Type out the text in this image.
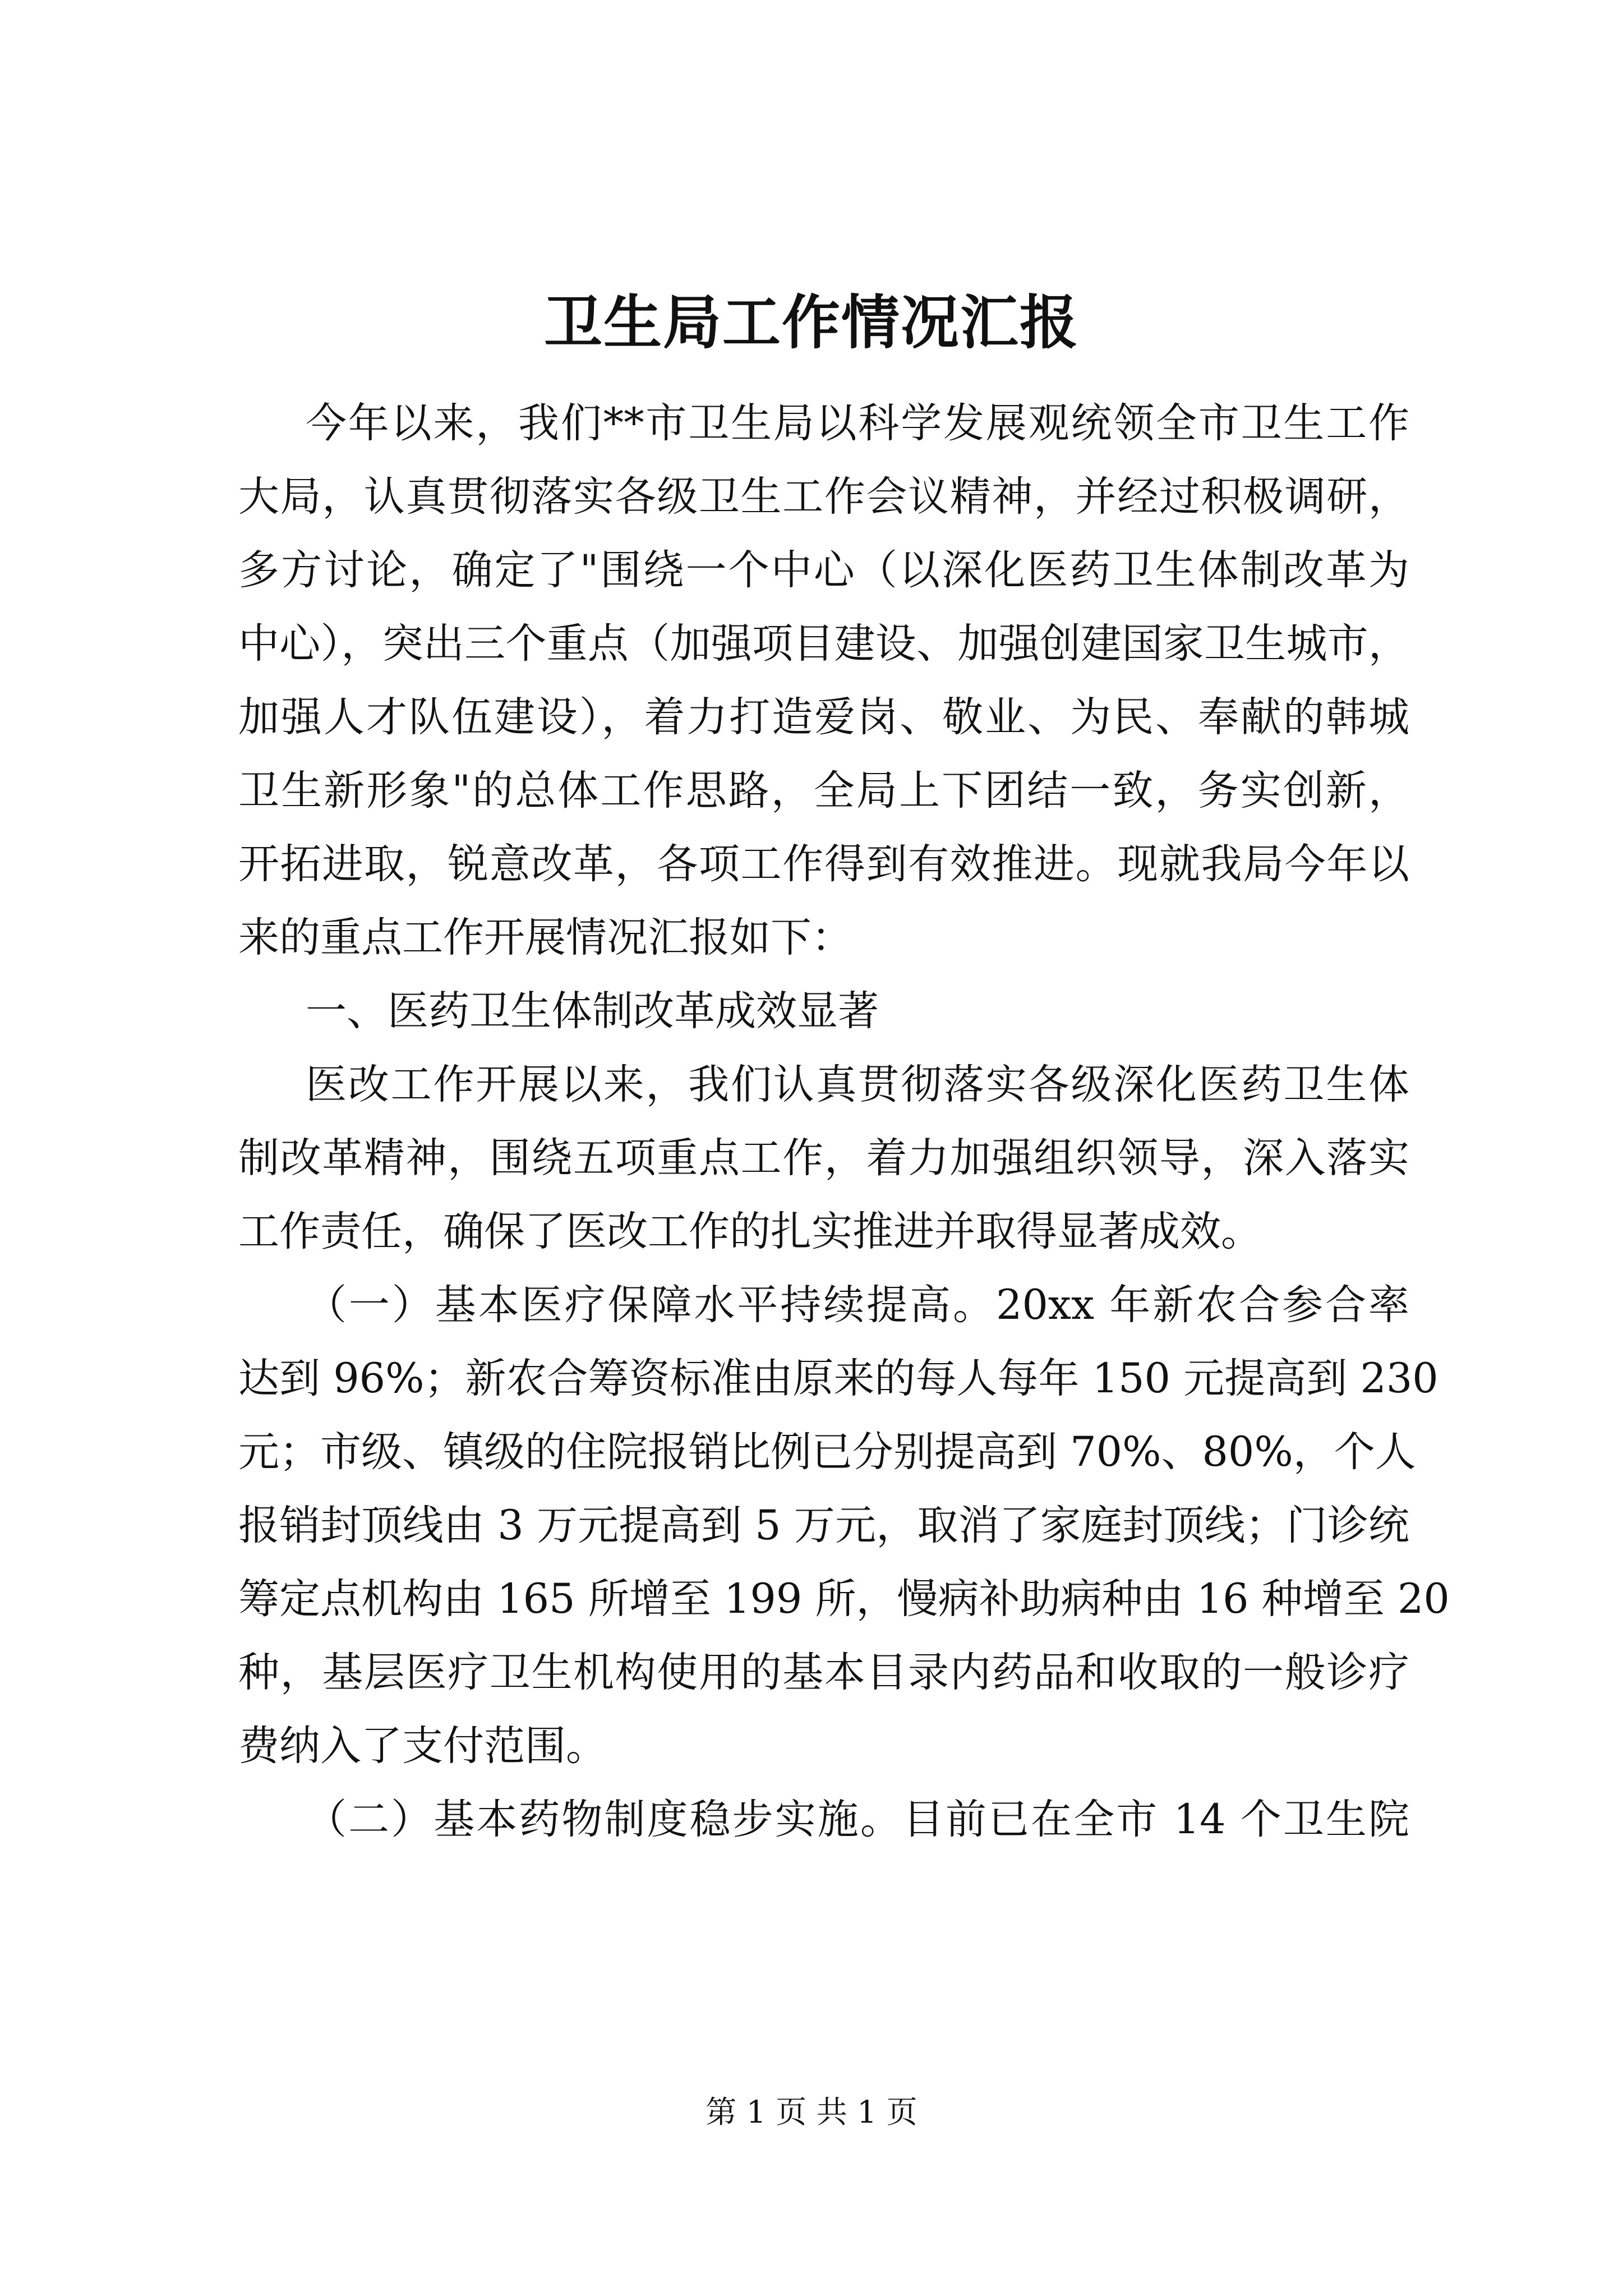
卫生局工作情况汇报
今年以来，我们**市卫生局以科学发展观统领全市卫生工作
大局，认真贯彻落实各级卫生工作会议精神，并经过积极调研，
多方讨论，确定了"围绕一个中心（以深化医药卫生体制改革为
中心），突出三个重点（加强项目建设、加强创建国家卫生城市，
加强人才队伍建设），着力打造爱岗、敬业、为民、奉献的韩城
卫生新形象"的总体工作思路，全局上下团结一致，务实创新，
开拓进取，锐意改革，各项工作得到有效推进。现就我局今年以
来的重点工作开展情况汇报如下：
一、医药卫生体制改革成效显著
医改工作开展以来，我们认真贯彻落实各级深化医药卫生体
制改革精神，围绕五项重点工作，着力加强组织领导，深入落实
工作责任，确保了医改工作的扎实推进并取得显著成效。
（一）基本医疗保障水平持续提高。20xx 年新农合参合率
达到 96%；新农合筹资标准由原来的每人每年 150 元提高到 230
元；市级、镇级的住院报销比例已分别提高到 70%、80%，个人
报销封顶线由 3 万元提高到 5 万元，取消了家庭封顶线；门诊统
筹定点机构由 165 所增至 199 所，慢病补助病种由 16 种增至 20
种，基层医疗卫生机构使用的基本目录内药品和收取的一般诊疗
费纳入了支付范围。
（二）基本药物制度稳步实施。目前已在全市 14 个卫生院
第 1 页 共 1 页
